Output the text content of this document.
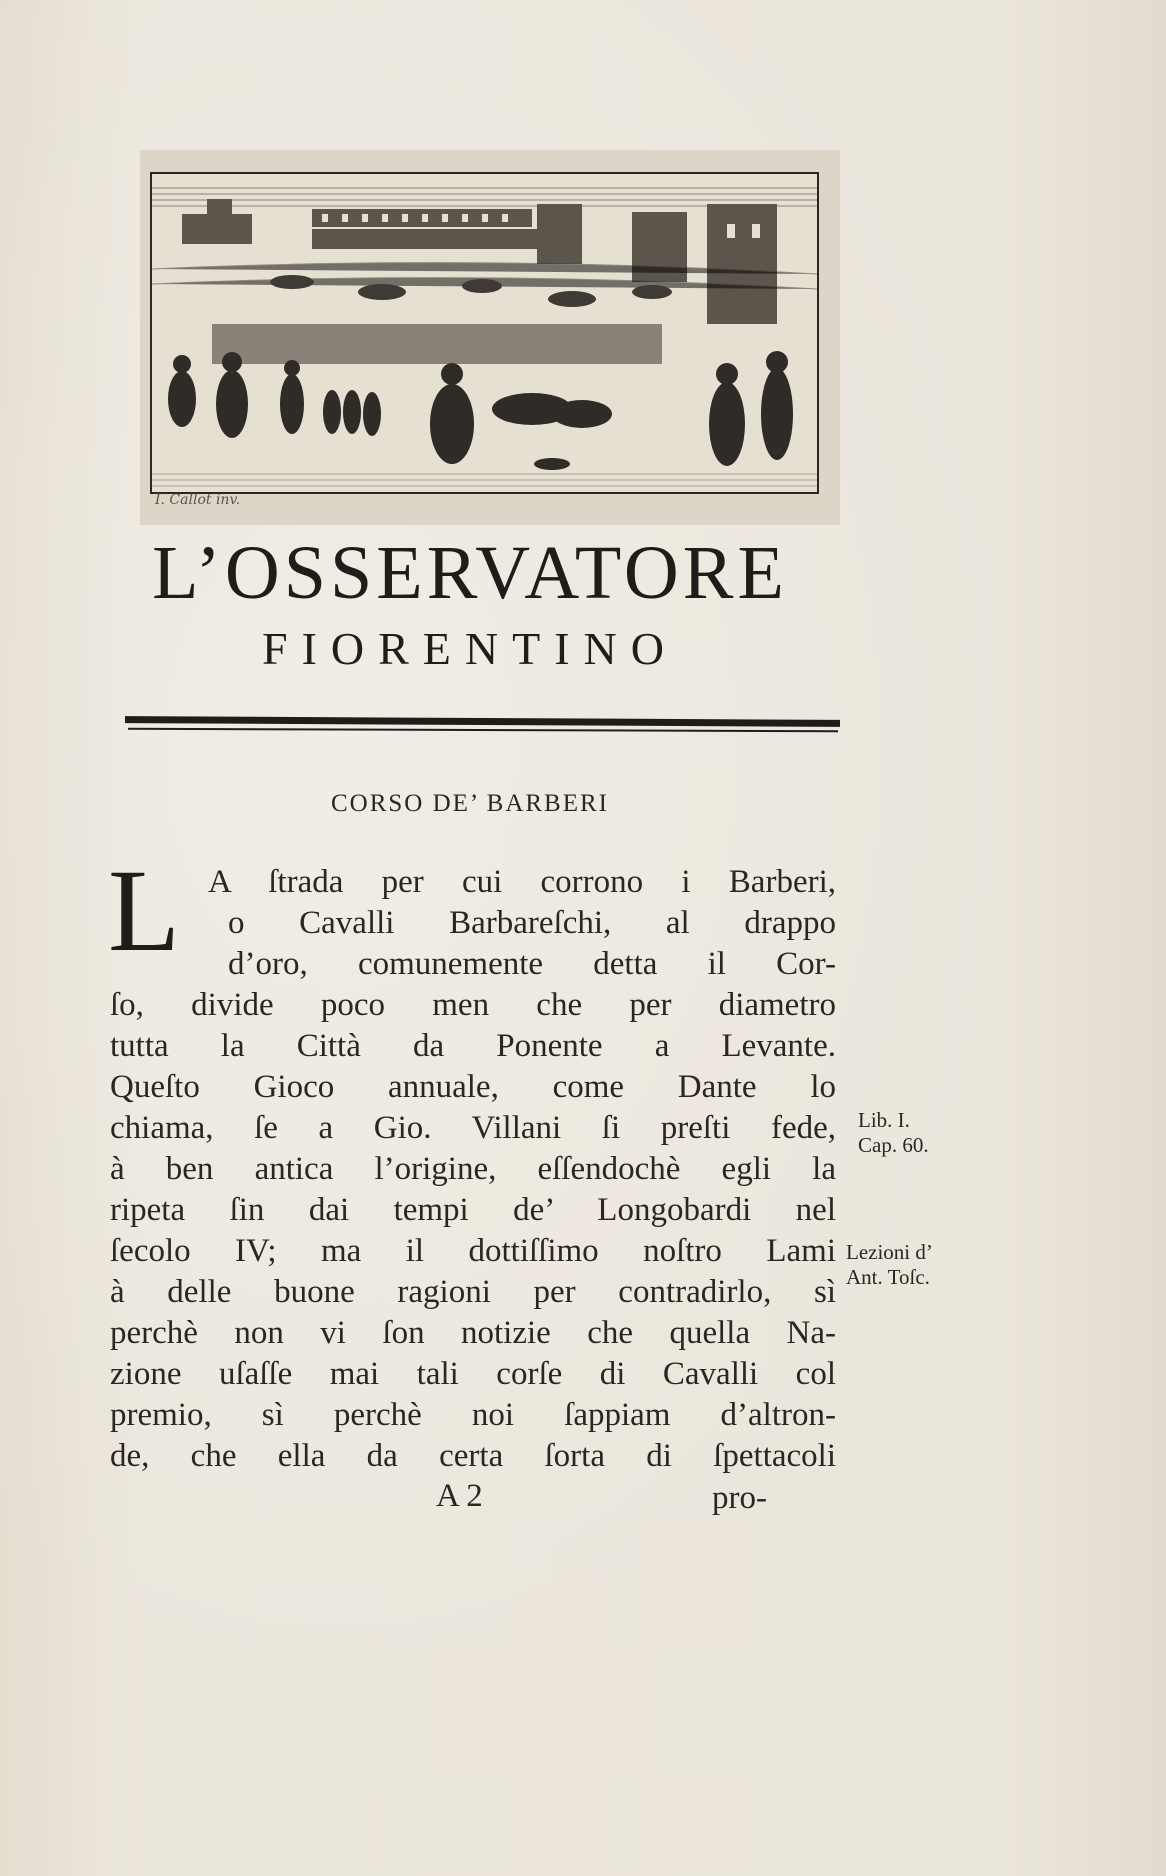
I. Callot inv.
L’OSSERVATORE
FIORENTINO
CORSO DE’ BARBERI
L A ſtrada per cui corrono i Barberi,
o Cavalli Barbareſchi, al drappo
d’oro, comunemente detta il Cor-
ſo, divide poco men che per diametro
tutta la Città da Ponente a Levante.
Queſto Gioco annuale, come Dante lo
chiama, ſe a Gio. Villani ſi preſti fede,
à ben antica l’origine, eſſendochè egli la
ripeta ſin dai tempi de’ Longobardi nel
ſecolo IV; ma il dottiſſimo noſtro Lami
à delle buone ragioni per contradirlo, sì
perchè non vi ſon notizie che quella Na-
zione uſaſſe mai tali corſe di Cavalli col
premio, sì perchè noi ſappiam d’altron-
de, che ella da certa ſorta di ſpettacoli
Lib. I.
Cap. 60.
Lezioni d’
Ant. Toſc.
A 2	pro-
